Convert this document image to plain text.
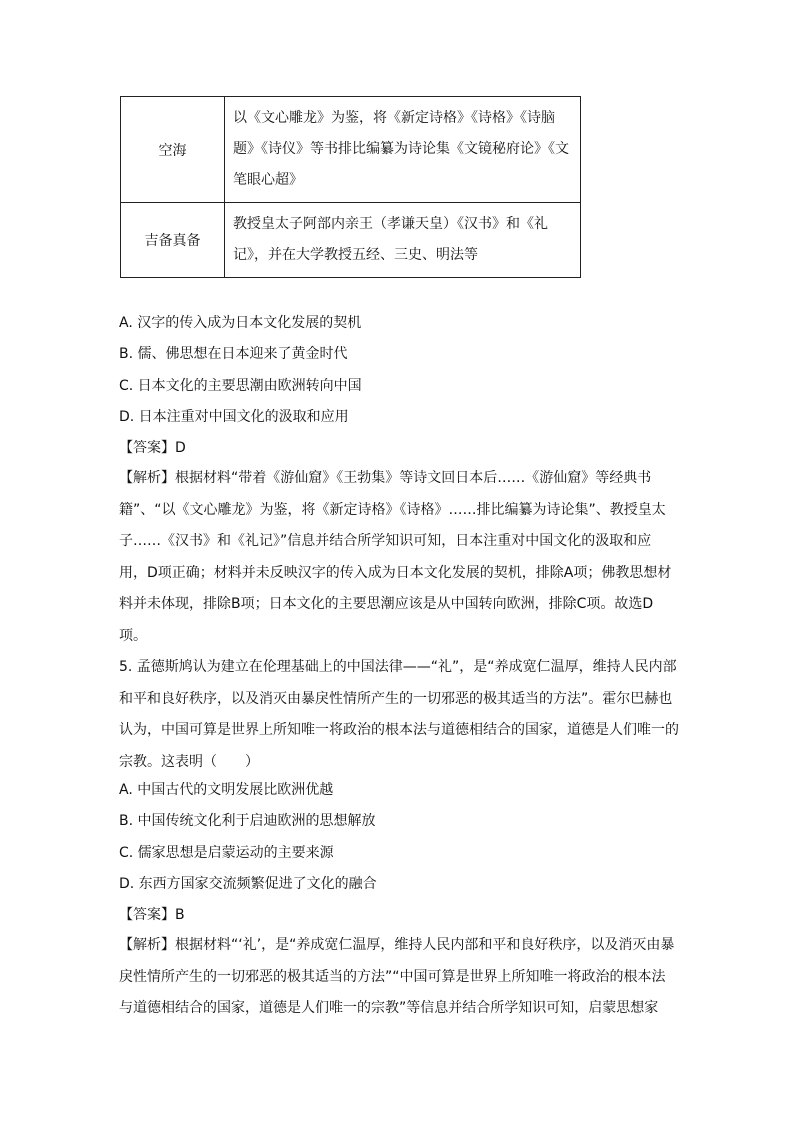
空海	以《文心雕龙》为鉴，将《新定诗格》《诗格》《诗脑题》《诗仪》等书排比编纂为诗论集《文镜秘府论》《文笔眼心超》
吉备真备	教授皇太子阿部内亲王（孝谦天皇）《汉书》和《礼记》，并在大学教授五经、三史、明法等
A. 汉字的传入成为日本文化发展的契机
B. 儒、佛思想在日本迎来了黄金时代
C. 日本文化的主要思潮由欧洲转向中国
D. 日本注重对中国文化的汲取和应用
【答案】D
【解析】根据材料“带着《游仙窟》《王勃集》等诗文回日本后……《游仙窟》等经典书籍”、“以《文心雕龙》为鉴，将《新定诗格》《诗格》……排比编纂为诗论集”、教授皇太子……《汉书》和《礼记》”信息并结合所学知识可知，日本注重对中国文化的汲取和应用，D项正确；材料并未反映汉字的传入成为日本文化发展的契机，排除A项；佛教思想材料并未体现，排除B项；日本文化的主要思潮应该是从中国转向欧洲，排除C项。故选D项。
5. 孟德斯鸠认为建立在伦理基础上的中国法律——“礼”，是“养成宽仁温厚，维持人民内部和平和良好秩序，以及消灭由暴戾性情所产生的一切邪恶的极其适当的方法”。霍尔巴赫也认为，中国可算是世界上所知唯一将政治的根本法与道德相结合的国家，道德是人们唯一的宗教。这表明（　　）
A. 中国古代的文明发展比欧洲优越
B. 中国传统文化利于启迪欧洲的思想解放
C. 儒家思想是启蒙运动的主要来源
D. 东西方国家交流频繁促进了文化的融合
【答案】B
【解析】根据材料“‘礼’，是“养成宽仁温厚，维持人民内部和平和良好秩序，以及消灭由暴戾性情所产生的一切邪恶的极其适当的方法”“中国可算是世界上所知唯一将政治的根本法与道德相结合的国家，道德是人们唯一的宗教”等信息并结合所学知识可知，启蒙思想家
